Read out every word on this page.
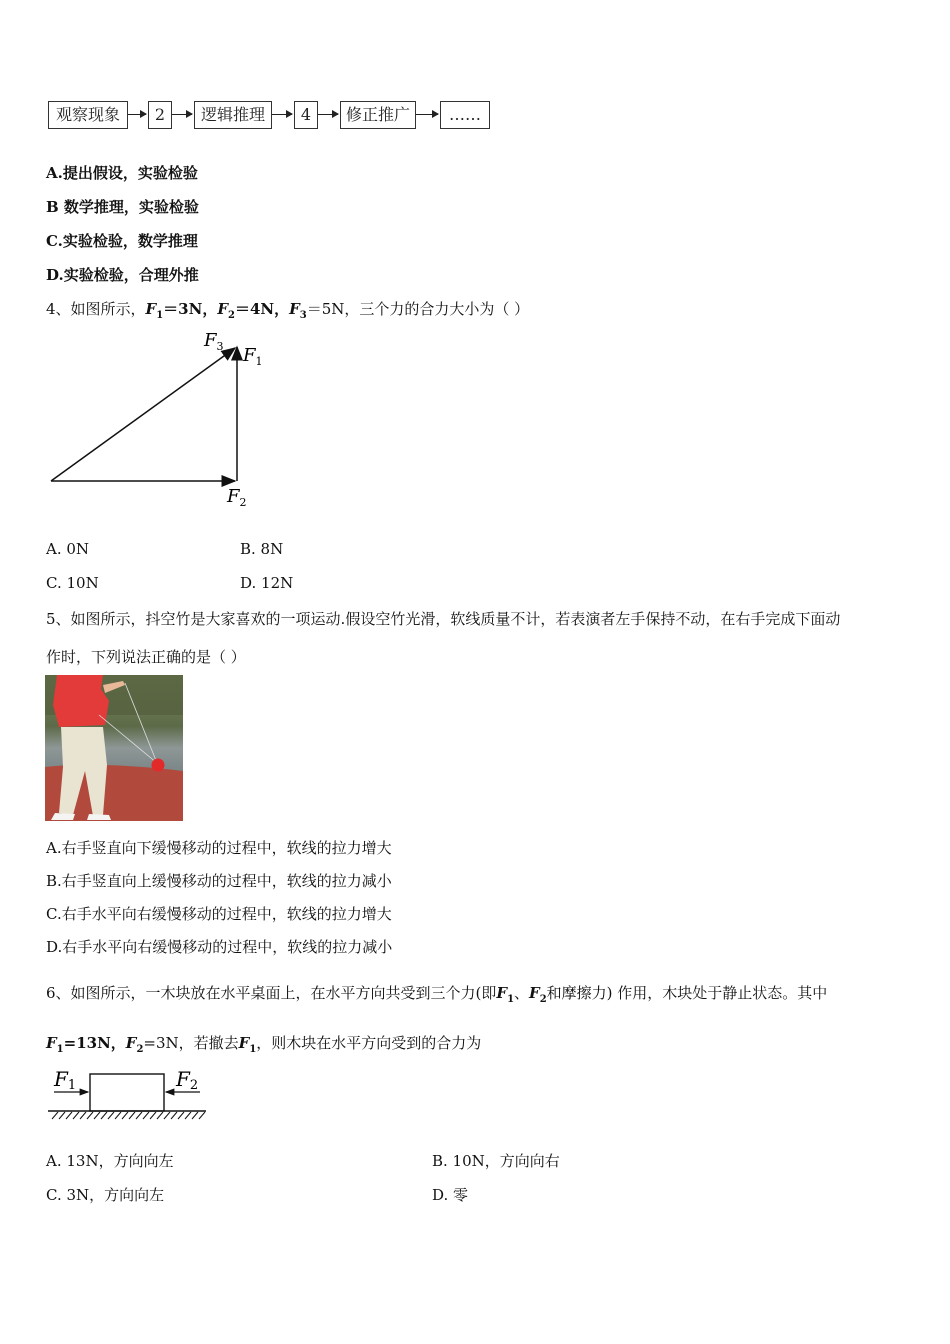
观察现象	2	逻辑推理	4	修正推广	……
A.提出假设，实验检验
B 数学推理，实验检验
C.实验检验，数学推理
D.实验检验，合理外推
4、如图所示，$F_1=3N$，$F_2=4N$，$F_3=5N$，三个力的合力大小为（ ）
$F_3$ $F_1$
$F_2$
A. 0N	B. 8N
C. 10N	D. 12N
5、如图所示，抖空竹是大家喜欢的一项运动.假设空竹光滑，软线质量不计，若表演者左手保持不动，在右手完成下面动
作时，下列说法正确的是（ ）
A.右手竖直向下缓慢移动的过程中，软线的拉力增大
B.右手竖直向上缓慢移动的过程中，软线的拉力减小
C.右手水平向右缓慢移动的过程中，软线的拉力增大
D.右手水平向右缓慢移动的过程中，软线的拉力减小
6、如图所示，一木块放在水平桌面上，在水平方向共受到三个力(即$F_1$、$F_2$和摩擦力) 作用，木块处于静止状态。其中
$F_1=13N$，$F_2=3N$，若撤去$F_1$，则木块在水平方向受到的合力为
F1	F2
A. 13N，方向向左	B. 10N，方向向右
C. 3N，方向向左	D. 零
